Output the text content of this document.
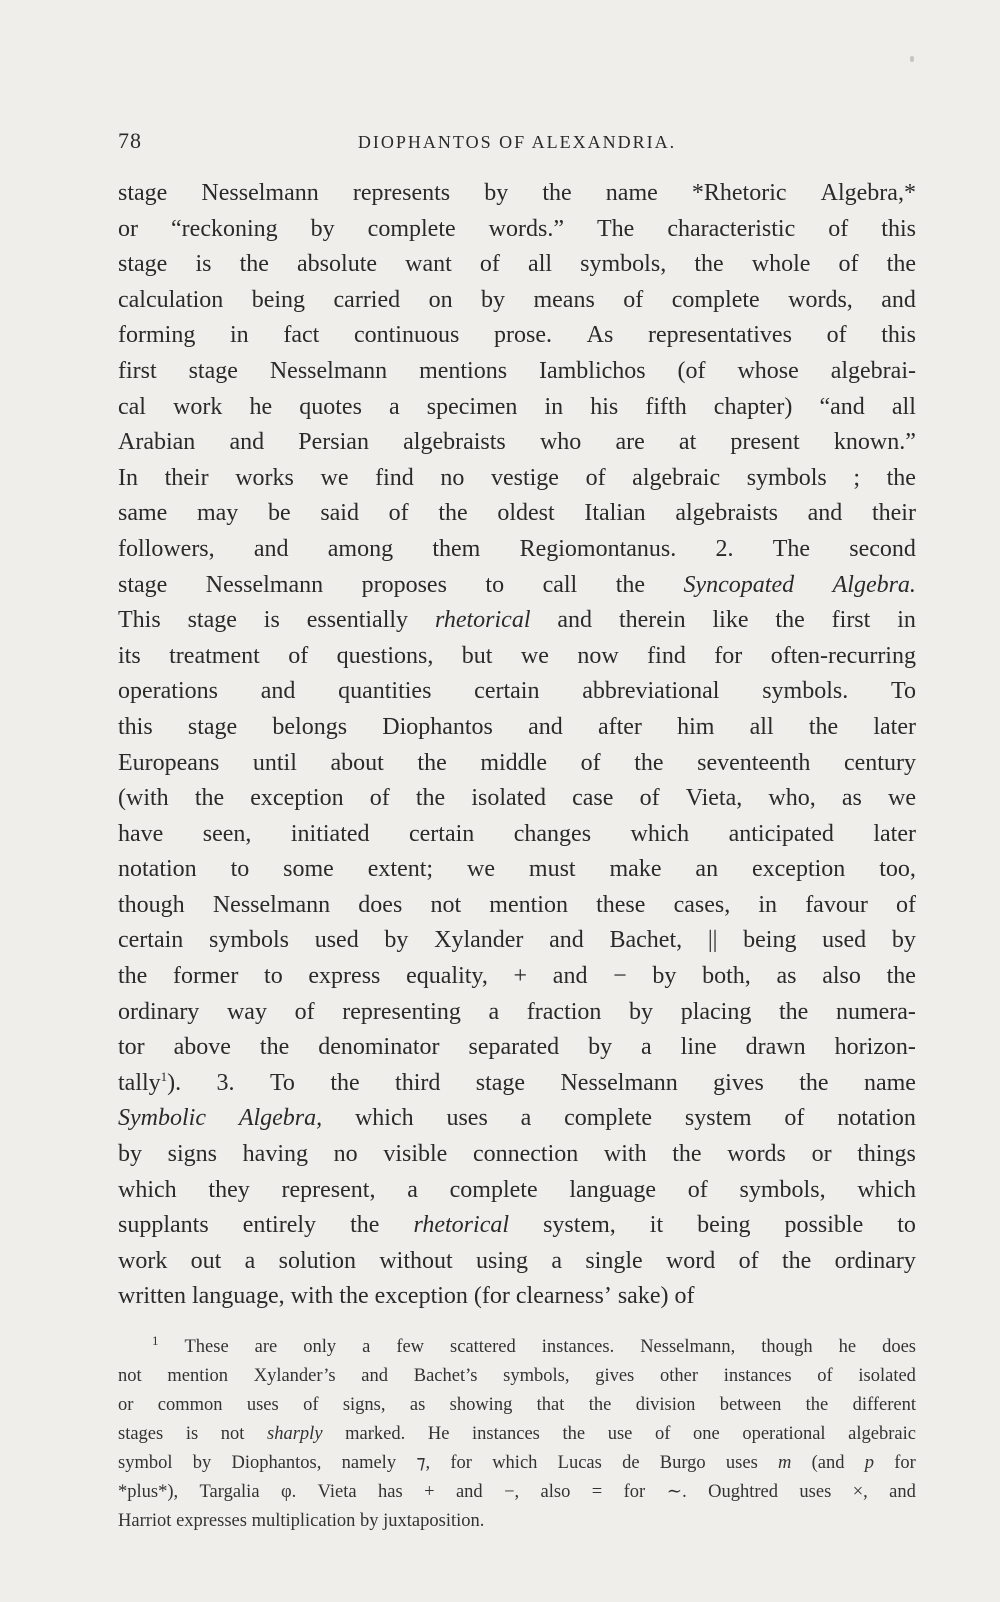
78	DIOPHANTOS OF ALEXANDRIA.
stage Nesselmann represents by the name *Rhetoric Algebra,*
or “reckoning by complete words.” The characteristic of this
stage is the absolute want of all symbols, the whole of the
calculation being carried on by means of complete words, and
forming in fact continuous prose. As representatives of this
first stage Nesselmann mentions Iamblichos (of whose algebrai-
cal work he quotes a specimen in his fifth chapter) “and all
Arabian and Persian algebraists who are at present known.”
In their works we find no vestige of algebraic symbols ; the
same may be said of the oldest Italian algebraists and their
followers, and among them Regiomontanus. 2. The second
stage Nesselmann proposes to call the Syncopated Algebra.
This stage is essentially rhetorical and therein like the first in
its treatment of questions, but we now find for often-recurring
operations and quantities certain abbreviational symbols. To
this stage belongs Diophantos and after him all the later
Europeans until about the middle of the seventeenth century
(with the exception of the isolated case of Vieta, who, as we
have seen, initiated certain changes which anticipated later
notation to some extent; we must make an exception too,
though Nesselmann does not mention these cases, in favour of
certain symbols used by Xylander and Bachet, || being used by
the former to express equality, + and − by both, as also the
ordinary way of representing a fraction by placing the numera-
tor above the denominator separated by a line drawn horizon-
tally$^1$). 3. To the third stage Nesselmann gives the name
Symbolic Algebra, which uses a complete system of notation
by signs having no visible connection with the words or things
which they represent, a complete language of symbols, which
supplants entirely the rhetorical system, it being possible to
work out a solution without using a single word of the ordinary
written
language,
with
the
exception
(for
clearness’
sake)
of
$^1$ These are only a few scattered instances. Nesselmann, though he does
not mention Xylander’s and Bachet’s symbols, gives other instances of isolated
or common uses of signs, as showing that the division between the different
stages is not sharply marked. He instances the use of one operational algebraic
symbol by Diophantos, namely ⁊, for which Lucas de Burgo uses m (and p for
*plus*), Targalia φ. Vieta has + and −, also = for ∼. Oughtred uses ×, and
Harriot
expresses
multiplication
by
juxtaposition.
